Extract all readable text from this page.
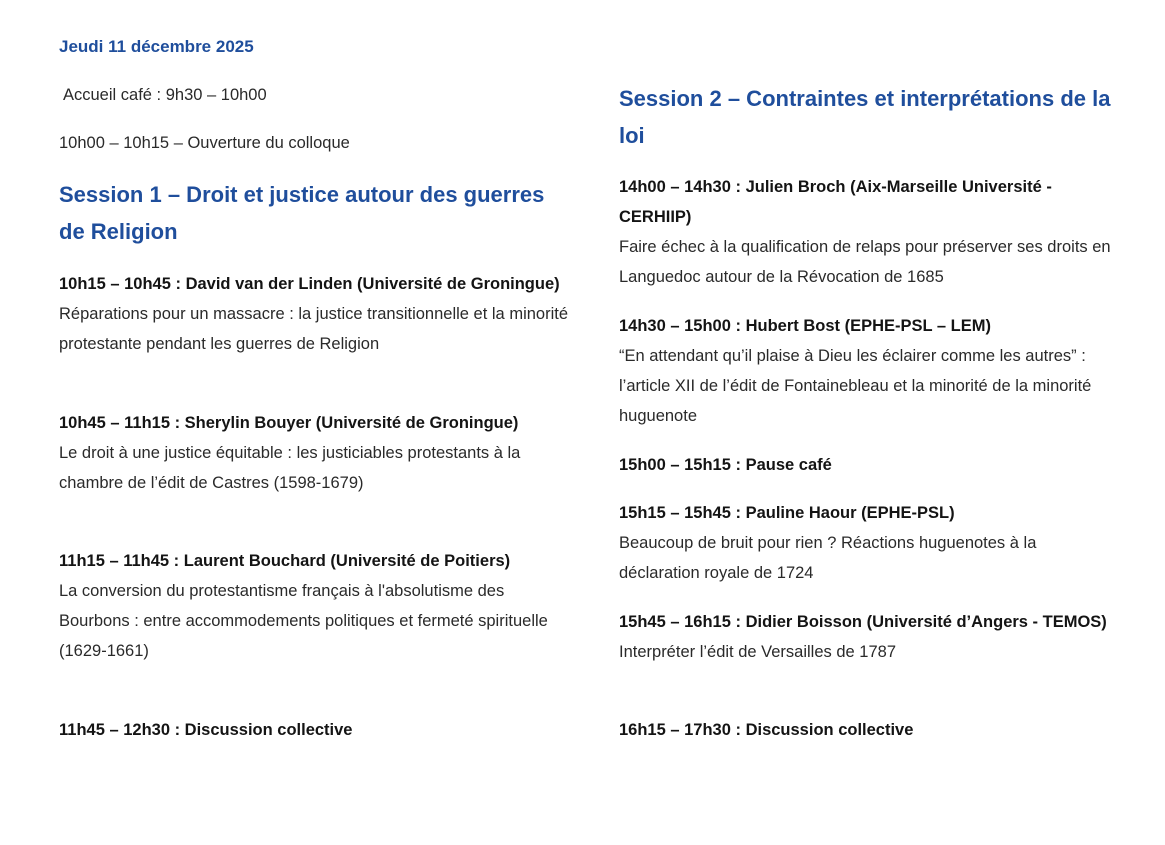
Jeudi 11 décembre 2025
Accueil café : 9h30 – 10h00
10h00 – 10h15 – Ouverture du colloque
Session 1 – Droit et justice autour des guerres de Religion
10h15 – 10h45 : David van der Linden (Université de Groningue)
Réparations pour un massacre : la justice transitionnelle et la minorité protestante pendant les guerres de Religion
10h45 – 11h15 : Sherylin Bouyer (Université de Groningue)
Le droit à une justice équitable : les justiciables protestants à la chambre de l’édit de Castres (1598-1679)
11h15 – 11h45 : Laurent Bouchard (Université de Poitiers)
La conversion du protestantisme français à l'absolutisme des Bourbons : entre accommodements politiques et fermeté spirituelle (1629-1661)
11h45 – 12h30 : Discussion collective
Session 2 – Contraintes et interprétations de la loi
14h00 – 14h30 : Julien Broch (Aix-Marseille Université - CERHIIP)
Faire échec à la qualification de relaps pour préserver ses droits en Languedoc autour de la Révocation de 1685
14h30 – 15h00 : Hubert Bost (EPHE-PSL – LEM)
“En attendant qu’il plaise à Dieu les éclairer comme les autres” : l’article XII de l’édit de Fontainebleau et la minorité de la minorité huguenote
15h00 – 15h15 : Pause café
15h15 – 15h45 : Pauline Haour (EPHE-PSL)
Beaucoup de bruit pour rien ? Réactions huguenotes à la déclaration royale de 1724
15h45 – 16h15 : Didier Boisson (Université d’Angers - TEMOS)
Interpréter l’édit de Versailles de 1787
16h15 – 17h30 : Discussion collective
